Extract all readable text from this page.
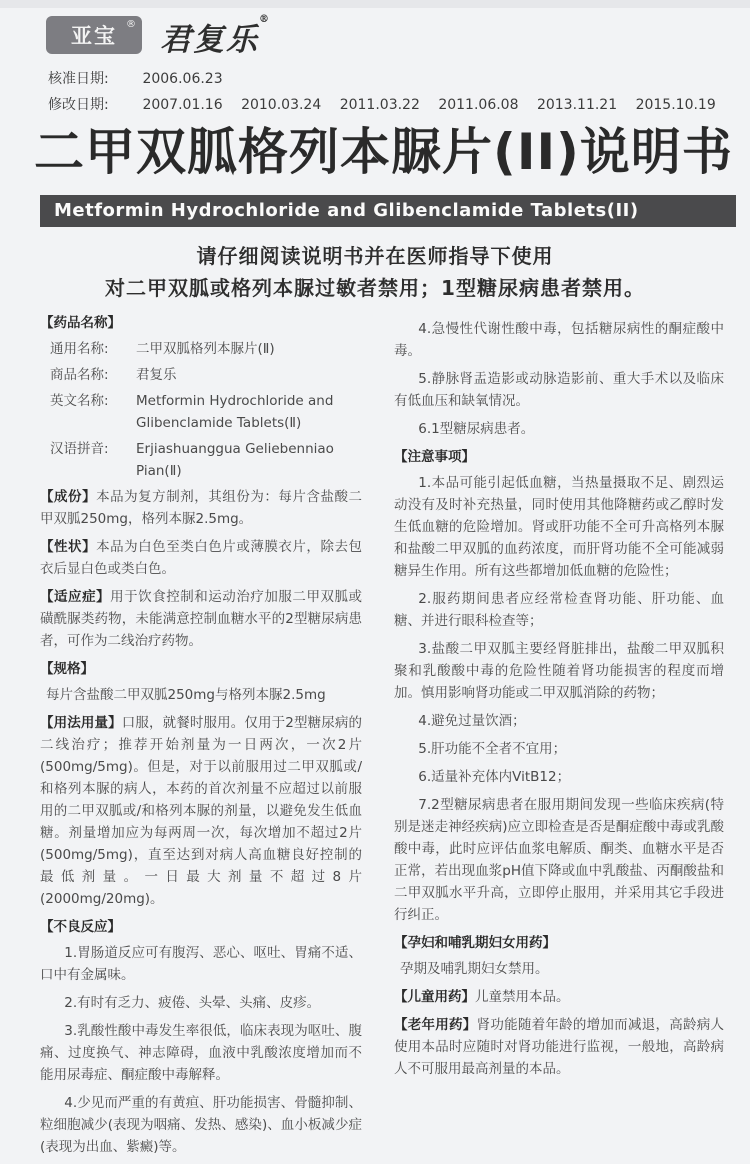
亚宝 ® 君复乐®
核准日期: 2006.06.23
修改日期: 2007.01.16 2010.03.24 2011.03.22 2011.06.08 2013.11.21 2015.10.19
二甲双胍格列本脲片(II)说明书
Metformin Hydrochloride and Glibenclamide Tablets(II)
请仔细阅读说明书并在医师指导下使用
对二甲双胍或格列本脲过敏者禁用；1型糖尿病患者禁用。
【药品名称】
通用名称:	二甲双胍格列本脲片(Ⅱ)
商品名称:	君复乐
英文名称:	Metformin Hydrochloride and Glibenclamide Tablets(Ⅱ)
汉语拼音:	Erjiashuanggua Geliebenniao Pian(Ⅱ)

【成份】本品为复方制剂，其组份为：每片含盐酸二甲双胍250mg，格列本脲2.5mg。

【性状】本品为白色至类白色片或薄膜衣片，除去包衣后显白色或类白色。

【适应症】用于饮食控制和运动治疗加服二甲双胍或磺酰脲类药物，未能满意控制血糖水平的2型糖尿病患者，可作为二线治疗药物。

【规格】

每片含盐酸二甲双胍250mg与格列本脲2.5mg

【用法用量】口服，就餐时服用。仅用于2型糖尿病的二线治疗；推荐开始剂量为一日两次，一次2片(500mg/5mg)。但是，对于以前服用过二甲双胍或/和格列本脲的病人，本药的首次剂量不应超过以前服用的二甲双胍或/和格列本脲的剂量，以避免发生低血糖。剂量增加应为每两周一次，每次增加不超过2片(500mg/5mg)，直至达到对病人高血糖良好控制的最低剂量。一日最大剂量不超过8片(2000mg/20mg)。

【不良反应】

1.胃肠道反应可有腹泻、恶心、呕吐、胃痛不适、口中有金属味。

2.有时有乏力、疲倦、头晕、头痛、皮疹。

3.乳酸性酸中毒发生率很低，临床表现为呕吐、腹痛、过度换气、神志障碍，血液中乳酸浓度增加而不能用尿毒症、酮症酸中毒解释。

4.少见而严重的有黄疸、肝功能损害、骨髓抑制、粒细胞减少(表现为咽痛、发热、感染)、血小板减少症(表现为出血、紫癜)等。

4.急慢性代谢性酸中毒，包括糖尿病性的酮症酸中毒。

5.静脉肾盂造影或动脉造影前、重大手术以及临床有低血压和缺氧情况。

6.1型糖尿病患者。

【注意事项】

1.本品可能引起低血糖，当热量摄取不足、剧烈运动没有及时补充热量，同时使用其他降糖药或乙醇时发生低血糖的危险增加。肾或肝功能不全可升高格列本脲和盐酸二甲双胍的血药浓度，而肝肾功能不全可能减弱糖异生作用。所有这些都增加低血糖的危险性；

2.服药期间患者应经常检查肾功能、肝功能、血糖、并进行眼科检查等；

3.盐酸二甲双胍主要经肾脏排出，盐酸二甲双胍积聚和乳酸酸中毒的危险性随着肾功能损害的程度而增加。慎用影响肾功能或二甲双胍消除的药物；

4.避免过量饮酒；

5.肝功能不全者不宜用；

6.适量补充体内VitB12；

7.2型糖尿病患者在服用期间发现一些临床疾病(特别是迷走神经疾病)应立即检查是否是酮症酸中毒或乳酸酸中毒，此时应评估血浆电解质、酮类、血糖水平是否正常，若出现血浆pH值下降或血中乳酸盐、丙酮酸盐和二甲双胍水平升高，立即停止服用，并采用其它手段进行纠正。

【孕妇和哺乳期妇女用药】

孕期及哺乳期妇女禁用。

【儿童用药】儿童禁用本品。

【老年用药】肾功能随着年龄的增加而减退，高龄病人使用本品时应随时对肾功能进行监视，一般地，高龄病人不可服用最高剂量的本品。
